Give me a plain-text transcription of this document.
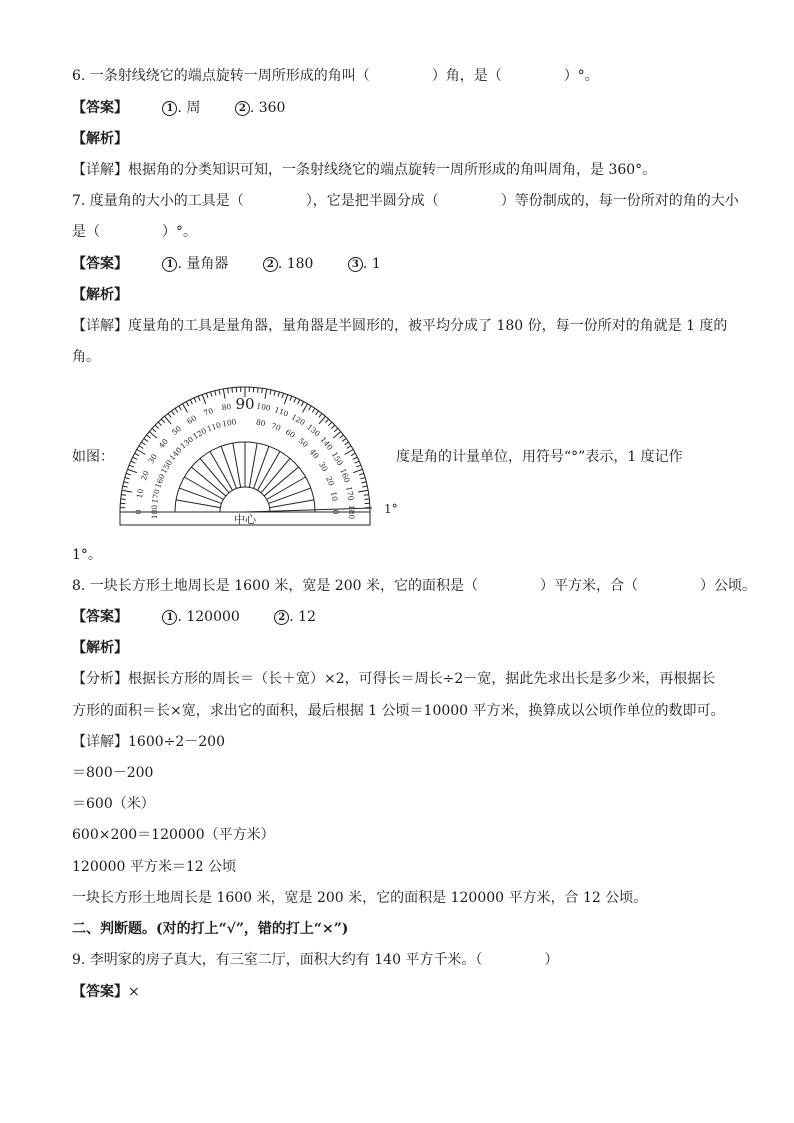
6. 一条射线绕它的端点旋转一周所形成的角叫（	）角，是（	）°。
【答案】	1 . 周	2 . 360
【解析】
【详解】根据角的分类知识可知，一条射线绕它的端点旋转一周所形成的角叫周角，是 360°。
7. 度量角的大小的工具是（	），它是把半圆分成（	）等份制成的，每一份所对的角的大小
是（	）°。
【答案】	1 . 量角器	2 . 180	3 . 1
【解析】
【详解】度量角的工具是量角器，量角器是半圆形的，被平均分成了 180 份，每一份所对的角就是 1 度的
角。
如图：	度是角的计量单位，用符号“°”表示，1 度记作
中心
90
1°
0 180
10 170
20 160
30 150
40
140
50
130
60
120
70
110
80
100
100
80
110
70 120
60 130
50 140
40 150
30
160
20
170
10
180
0
1°。
8. 一块长方形土地周长是 1600 米，宽是 200 米，它的面积是（	）平方米，合（	）公顷。
【答案】	1 . 120000	2 . 12
【解析】
【分析】根据长方形的周长＝（长＋宽）×2，可得长＝周长÷2－宽，据此先求出长是多少米，再根据长
方形的面积＝长×宽，求出它的面积，最后根据 1 公顷＝10000 平方米，换算成以公顷作单位的数即可。
【详解】1600÷2－200
＝800－200
＝600（米）
600×200＝120000（平方米）
120000 平方米＝12 公顷
一块长方形土地周长是 1600 米，宽是 200 米，它的面积是 120000 平方米，合 12 公顷。
二、判断题。(对的打上“√”，错的打上“×”)
9. 李明家的房子真大，有三室二厅，面积大约有 140 平方千米。（	）
【答案】×
